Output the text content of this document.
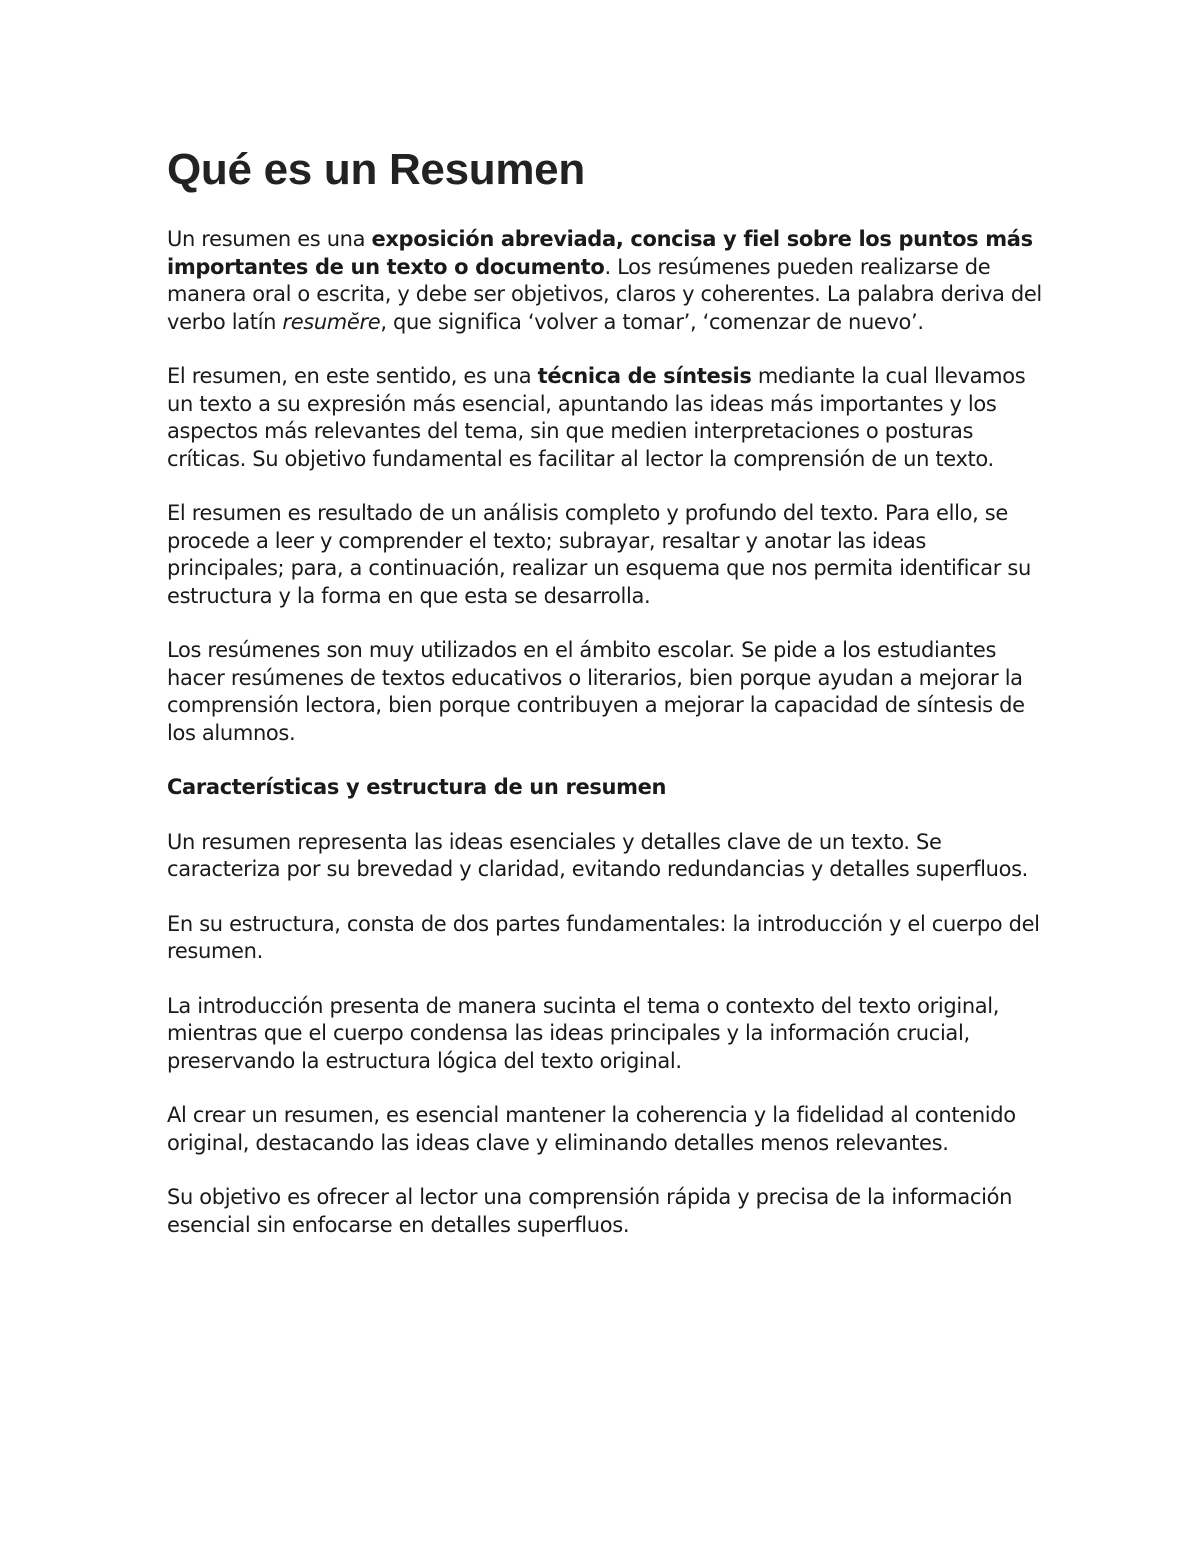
Qué es un Resumen

Un resumen es una exposición abreviada, concisa y fiel sobre los puntos más importantes de un texto o documento. Los resúmenes pueden realizarse de manera oral o escrita, y debe ser objetivos, claros y coherentes. La palabra deriva del verbo latín resumĕre, que significa ‘volver a tomar’, ‘comenzar de nuevo’.

El resumen, en este sentido, es una técnica de síntesis mediante la cual llevamos un texto a su expresión más esencial, apuntando las ideas más importantes y los aspectos más relevantes del tema, sin que medien interpretaciones o posturas críticas. Su objetivo fundamental es facilitar al lector la comprensión de un texto.

El resumen es resultado de un análisis completo y profundo del texto. Para ello, se procede a leer y comprender el texto; subrayar, resaltar y anotar las ideas principales; para, a continuación, realizar un esquema que nos permita identificar su estructura y la forma en que esta se desarrolla.

Los resúmenes son muy utilizados en el ámbito escolar. Se pide a los estudiantes hacer resúmenes de textos educativos o literarios, bien porque ayudan a mejorar la comprensión lectora, bien porque contribuyen a mejorar la capacidad de síntesis de los alumnos.

Características y estructura de un resumen

Un resumen representa las ideas esenciales y detalles clave de un texto. Se caracteriza por su brevedad y claridad, evitando redundancias y detalles superfluos.

En su estructura, consta de dos partes fundamentales: la introducción y el cuerpo del resumen.

La introducción presenta de manera sucinta el tema o contexto del texto original, mientras que el cuerpo condensa las ideas principales y la información crucial, preservando la estructura lógica del texto original.

Al crear un resumen, es esencial mantener la coherencia y la fidelidad al contenido original, destacando las ideas clave y eliminando detalles menos relevantes.

Su objetivo es ofrecer al lector una comprensión rápida y precisa de la información esencial sin enfocarse en detalles superfluos.
